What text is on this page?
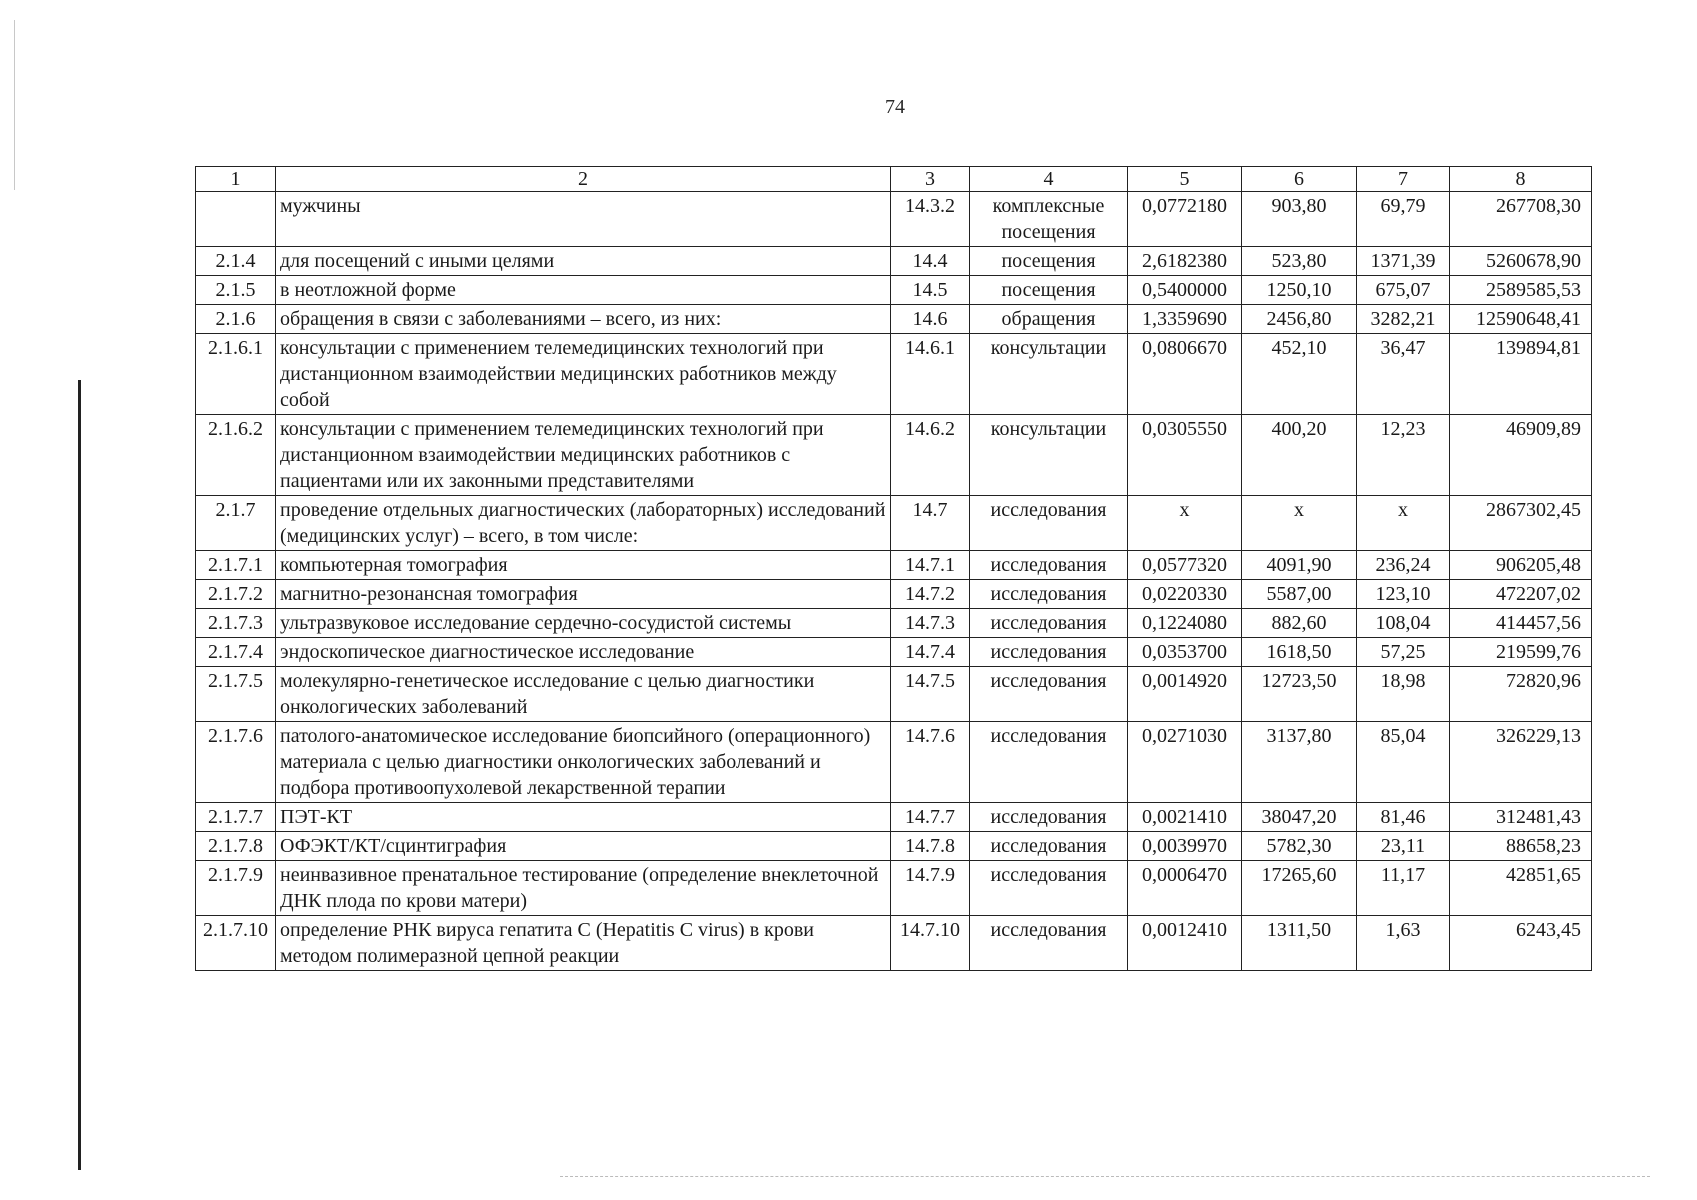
74
1	2	3	4	5	6	7	8
	мужчины	14.3.2	комплексные посещения	0,0772180	903,80	69,79	267708,30
2.1.4	для посещений с иными целями	14.4	посещения	2,6182380	523,80	1371,39	5260678,90
2.1.5	в неотложной форме	14.5	посещения	0,5400000	1250,10	675,07	2589585,53
2.1.6	обращения в связи с заболеваниями – всего, из них:	14.6	обращения	1,3359690	2456,80	3282,21	12590648,41
2.1.6.1	консультации с применением телемедицинских технологий при дистанционном взаимодействии медицинских работников между собой	14.6.1	консультации	0,0806670	452,10	36,47	139894,81
2.1.6.2	консультации с применением телемедицинских технологий при дистанционном взаимодействии медицинских работников с пациентами или их законными представителями	14.6.2	консультации	0,0305550	400,20	12,23	46909,89
2.1.7	проведение отдельных диагностических (лабораторных) исследований (медицинских услуг) – всего, в том числе:	14.7	исследования	х	х	х	2867302,45
2.1.7.1	компьютерная томография	14.7.1	исследования	0,0577320	4091,90	236,24	906205,48
2.1.7.2	магнитно-резонансная томография	14.7.2	исследования	0,0220330	5587,00	123,10	472207,02
2.1.7.3	ультразвуковое исследование сердечно-сосудистой системы	14.7.3	исследования	0,1224080	882,60	108,04	414457,56
2.1.7.4	эндоскопическое диагностическое исследование	14.7.4	исследования	0,0353700	1618,50	57,25	219599,76
2.1.7.5	молекулярно-генетическое исследование с целью диагностики онкологических заболеваний	14.7.5	исследования	0,0014920	12723,50	18,98	72820,96
2.1.7.6	патолого-анатомическое исследование биопсийного (операционного) материала с целью диагностики онкологических заболеваний и подбора противоопухолевой лекарственной терапии	14.7.6	исследования	0,0271030	3137,80	85,04	326229,13
2.1.7.7	ПЭТ-КТ	14.7.7	исследования	0,0021410	38047,20	81,46	312481,43
2.1.7.8	ОФЭКТ/КТ/сцинтиграфия	14.7.8	исследования	0,0039970	5782,30	23,11	88658,23
2.1.7.9	неинвазивное пренатальное тестирование (определение внеклеточной ДНК плода по крови матери)	14.7.9	исследования	0,0006470	17265,60	11,17	42851,65
2.1.7.10	определение РНК вируса гепатита С (Hepatitis C virus) в крови методом полимеразной цепной реакции	14.7.10	исследования	0,0012410	1311,50	1,63	6243,45
